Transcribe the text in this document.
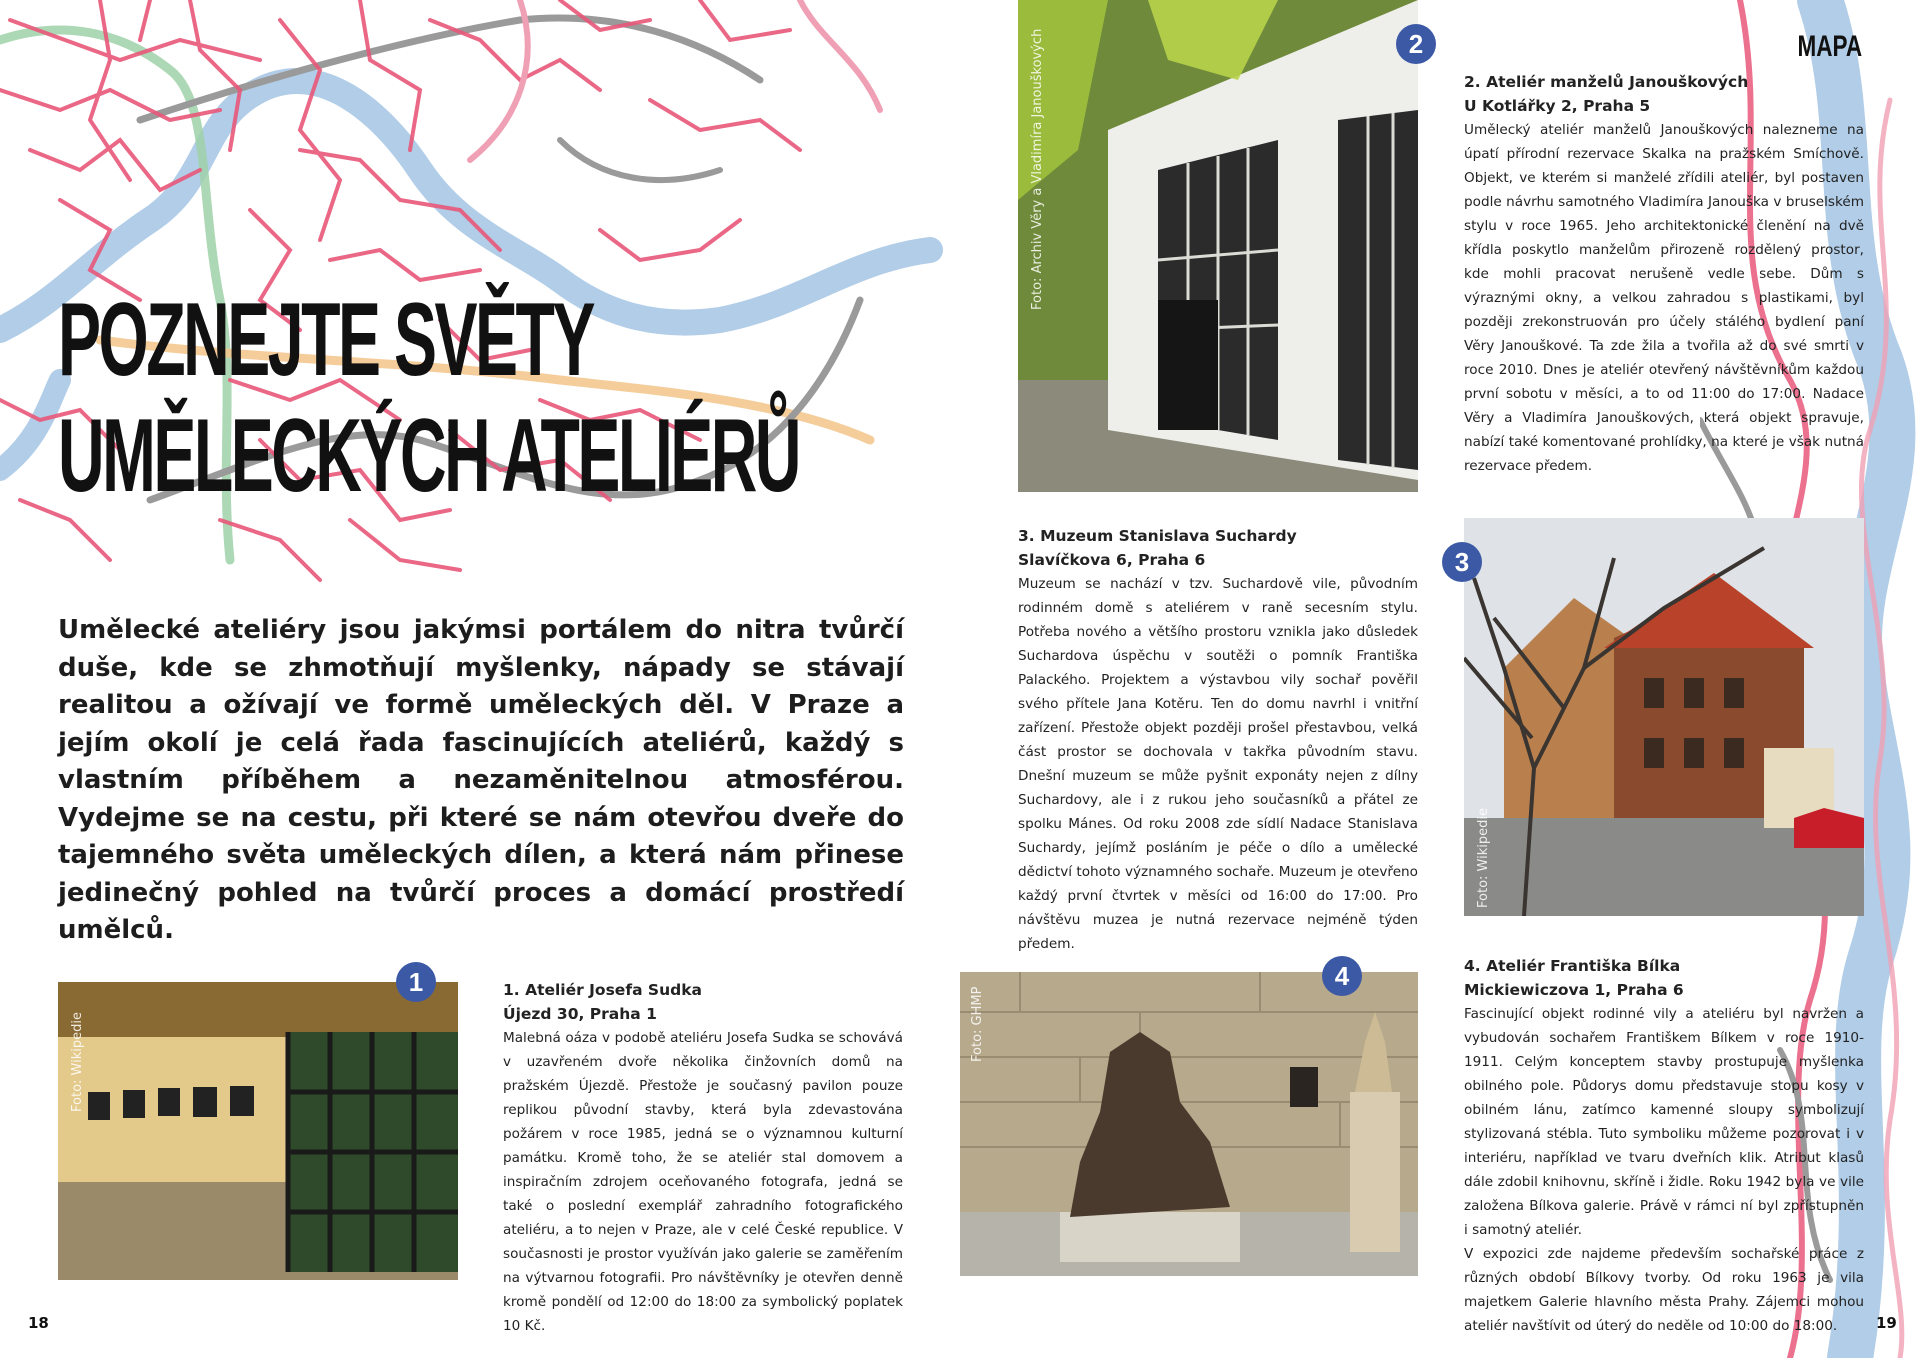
POZNEJTE SVĚTY
UMĚLECKÝCH ATELIÉRŮ
Umělecké ateliéry jsou jakýmsi portálem do nitra tvůrčí duše, kde se zhmotňují myšlenky, nápady se stávají realitou a ožívají ve formě uměleckých děl. V Praze a jejím okolí je celá řada fascinujících ateliérů, každý s vlastním příběhem a nezaměnitelnou atmosférou. Vydejme se na cestu, při které se nám otevřou dveře do tajemného světa uměleckých dílen, a která nám přinese jedinečný pohled na tvůrčí proces a domácí prostředí umělců.
Foto: Wikipedie
1	1. Ateliér Josefa Sudka
Újezd 30, Praha 1
Malebná oáza v podobě ateliéru Josefa Sudka se schovává v uzavřeném dvoře několika činžovních domů na pražském Újezdě. Přestože je současný pavilon pouze replikou původní stavby, která byla zdevastována požárem v roce 1985, jedná se o významnou kulturní památku. Kromě toho, že se ateliér stal domovem a inspiračním zdrojem oceňovaného fotografa, jedná se také o poslední exemplář zahradního fotografického ateliéru, a to nejen v Praze, ale v celé České republice. V současnosti je prostor využíván jako galerie se zaměřením na výtvarnou fotografii. Pro návštěvníky je otevřen denně kromě pondělí od 12:00 do 18:00 za symbolický poplatek 10 Kč.
18
Foto: Archiv Věry a Vladimíra Janouškových	2	MAPA
2. Ateliér manželů Janouškových
U Kotlářky 2, Praha 5
Umělecký ateliér manželů Janouškových nalezneme na úpatí přírodní rezervace Skalka na pražském Smíchově. Objekt, ve kterém si manželé zřídili ateliér, byl postaven podle návrhu samotného Vladimíra Janouška v bruselském stylu v roce 1965. Jeho architektonické členění na dvě křídla poskytlo manželům přirozeně rozdělený prostor, kde mohli pracovat nerušeně vedle sebe. Dům s výraznými okny, a velkou zahradou s plastikami, byl později zrekonstruován pro účely stálého bydlení paní Věry Janouškové. Ta zde žila a tvořila až do své smrti v roce 2010. Dnes je ateliér otevřený návštěvníkům každou první sobotu v měsíci, a to od 11:00 do 17:00. Nadace Věry a Vladimíra Janouškových, která objekt spravuje, nabízí také komentované prohlídky, na které je však nutná rezervace předem.
3. Muzeum Stanislava Suchardy
Slavíčkova 6, Praha 6
Muzeum se nachází v tzv. Suchardově vile, původním rodinném domě s ateliérem v raně secesním stylu. Potřeba nového a většího prostoru vznikla jako důsledek Suchardova úspěchu v soutěži o pomník Františka Palackého. Projektem a výstavbou vily sochař pověřil svého přítele Jana Kotěru. Ten do domu navrhl i vnitřní zařízení. Přestože objekt později prošel přestavbou, velká část prostor se dochovala v takřka původním stavu. Dnešní muzeum se může pyšnit exponáty nejen z dílny Suchardovy, ale i z rukou jeho současníků a přátel ze spolku Mánes. Od roku 2008 zde sídlí Nadace Stanislava Suchardy, jejímž posláním je péče o dílo a umělecké dědictví tohoto významného sochaře. Muzeum je otevřeno každý první čtvrtek v měsíci od 16:00 do 17:00. Pro návštěvu muzea je nutná rezervace nejméně týden předem.
Foto: Wikipedie
3
Foto: GHMP
4	4. Ateliér Františka Bílka
Mickiewiczova 1, Praha 6
Fascinující objekt rodinné vily a ateliéru byl navržen a vybudován sochařem Františkem Bílkem v roce 1910-1911. Celým konceptem stavby prostupuje myšlenka obilného pole. Půdorys domu představuje stopu kosy v obilném lánu, zatímco kamenné sloupy symbolizují stylizovaná stébla. Tuto symboliku můžeme pozorovat i v interiéru, například ve tvaru dveřních klik. Atribut klasů dále zdobil knihovnu, skříně i židle. Roku 1942 byla ve vile založena Bílkova galerie. Právě v rámci ní byl zpřístupněn i samotný ateliér.
V expozici zde najdeme především sochařské práce z různých období Bílkovy tvorby. Od roku 1963 je vila majetkem Galerie hlavního města Prahy. Zájemci mohou ateliér navštívit od úterý do neděle od 10:00 do 18:00.	19
